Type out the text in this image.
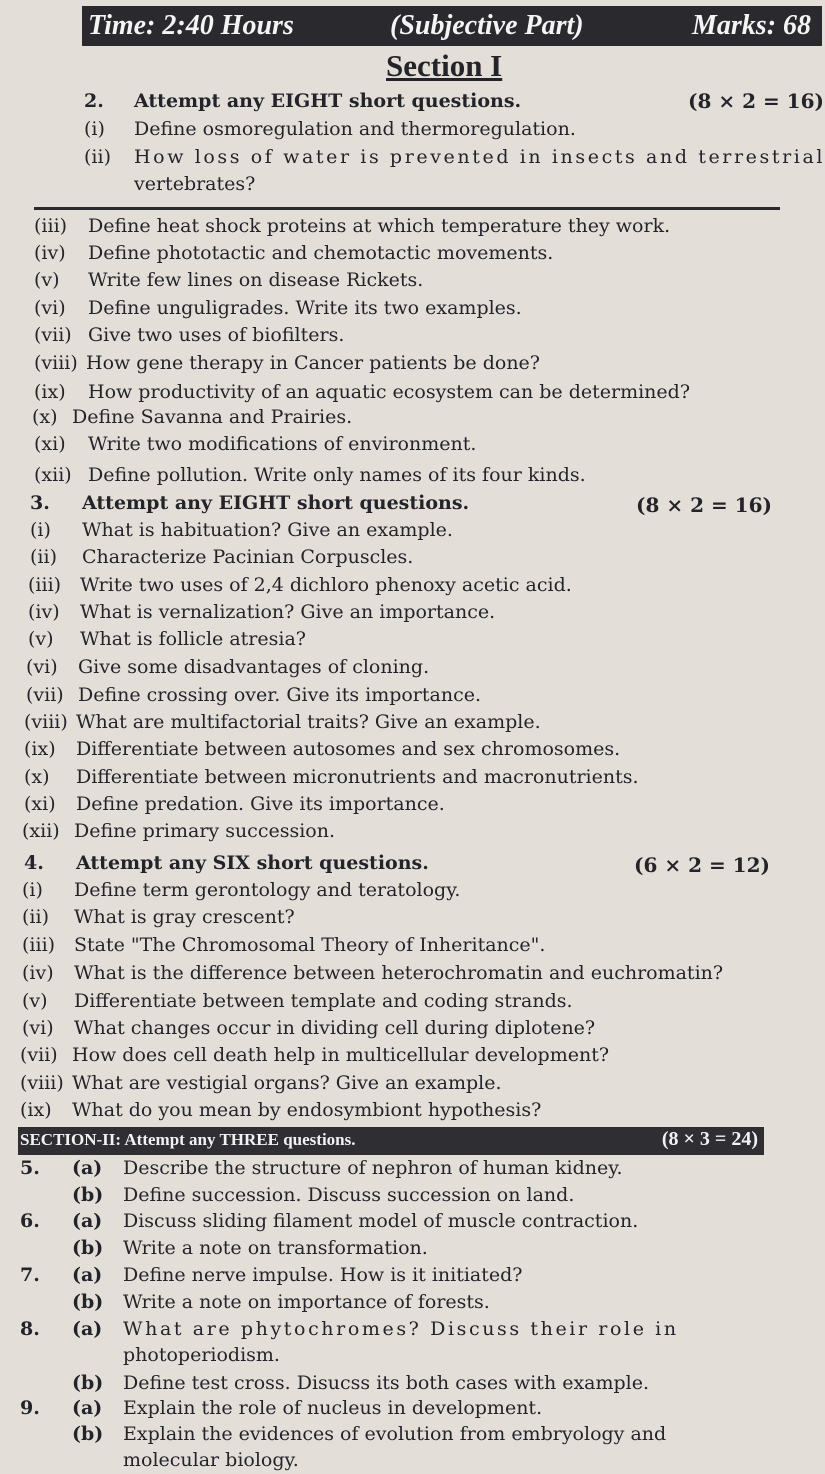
Time: 2:40 Hours	(Subjective Part)	Marks: 68
Section I
2. Attempt any EIGHT short questions.	(8 × 2 = 16)
(i) Define osmoregulation and thermoregulation.
(ii) How loss of water is prevented in insects and terrestrial
vertebrates?
(iii) Define heat shock proteins at which temperature they work.
(iv) Define phototactic and chemotactic movements.
(v) Write few lines on disease Rickets.
(vi) Define unguligrades. Write its two examples.
(vii) Give two uses of biofilters.
(viii) How gene therapy in Cancer patients be done?
(ix) How productivity of an aquatic ecosystem can be determined?
(x) Define Savanna and Prairies.
(xi) Write two modifications of environment.
(xii) Define pollution. Write only names of its four kinds.
3. Attempt any EIGHT short questions.	(8 × 2 = 16)
(i) What is habituation? Give an example.
(ii) Characterize Pacinian Corpuscles.
(iii) Write two uses of 2,4 dichloro phenoxy acetic acid.
(iv) What is vernalization? Give an importance.
(v) What is follicle atresia?
(vi) Give some disadvantages of cloning.
(vii) Define crossing over. Give its importance.
(viii) What are multifactorial traits? Give an example.
(ix) Differentiate between autosomes and sex chromosomes.
(x) Differentiate between micronutrients and macronutrients.
(xi) Define predation. Give its importance.
(xii) Define primary succession.
4. Attempt any SIX short questions.	(6 × 2 = 12)
(i) Define term gerontology and teratology.
(ii) What is gray crescent?
(iii) State "The Chromosomal Theory of Inheritance".
(iv) What is the difference between heterochromatin and euchromatin?
(v) Differentiate between template and coding strands.
(vi) What changes occur in dividing cell during diplotene?
(vii) How does cell death help in multicellular development?
(viii) What are vestigial organs? Give an example.
(ix) What do you mean by endosymbiont hypothesis?
SECTION-II: Attempt any THREE questions.	(8 × 3 = 24)
5. (a) Describe the structure of nephron of human kidney.
(b) Define succession. Discuss succession on land.
6. (a) Discuss sliding filament model of muscle contraction.
(b) Write a note on transformation.
7. (a) Define nerve impulse. How is it initiated?
(b) Write a note on importance of forests.
8. (a) What are phytochromes? Discuss their role in
photoperiodism.
(b) Define test cross. Disucss its both cases with example.
9. (a) Explain the role of nucleus in development.
(b) Explain the evidences of evolution from embryology and
molecular biology.
